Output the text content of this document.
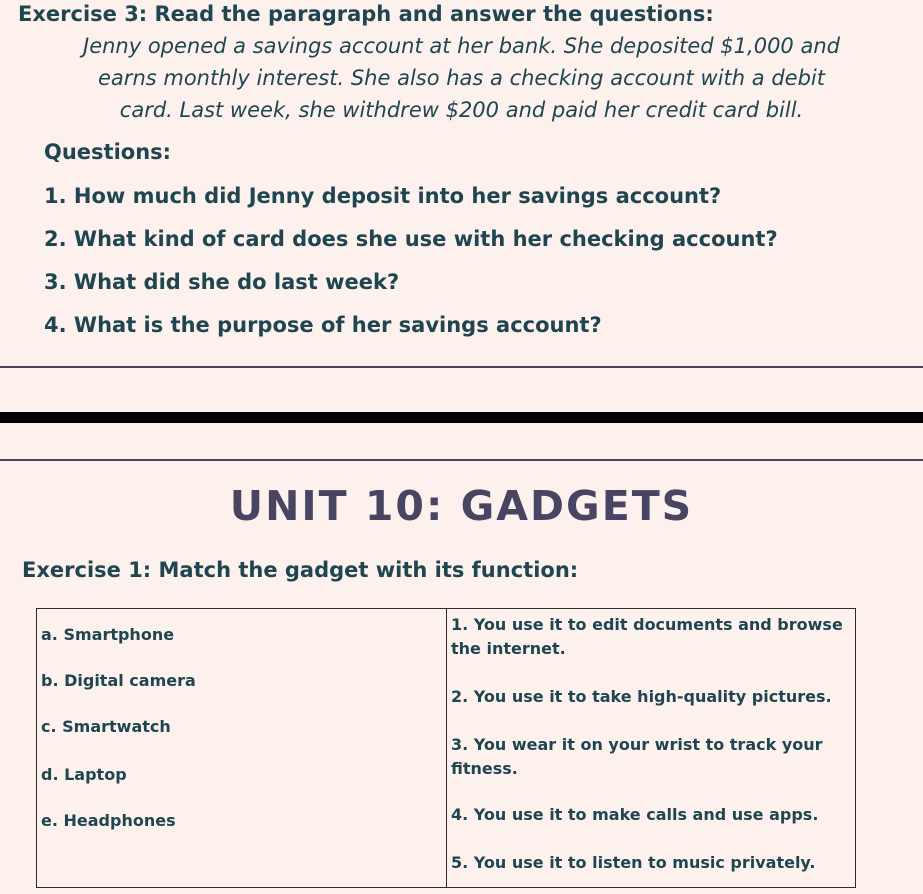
Exercise 3: Read the paragraph and answer the questions:
Jenny opened a savings account at her bank. She deposited $1,000 and
earns monthly interest. She also has a checking account with a debit
card. Last week, she withdrew $200 and paid her credit card bill.
Questions:
1. How much did Jenny deposit into her savings account?
2. What kind of card does she use with her checking account?
3. What did she do last week?
4. What is the purpose of her savings account?
UNIT 10: GADGETS
Exercise 1: Match the gadget with its function:
a. Smartphone
b. Digital camera
c. Smartwatch
d. Laptop
e. Headphones
1. You use it to edit documents and browse the internet.
2. You use it to take high-quality pictures.
3. You wear it on your wrist to track your fitness.
4. You use it to make calls and use apps.
5. You use it to listen to music privately.
